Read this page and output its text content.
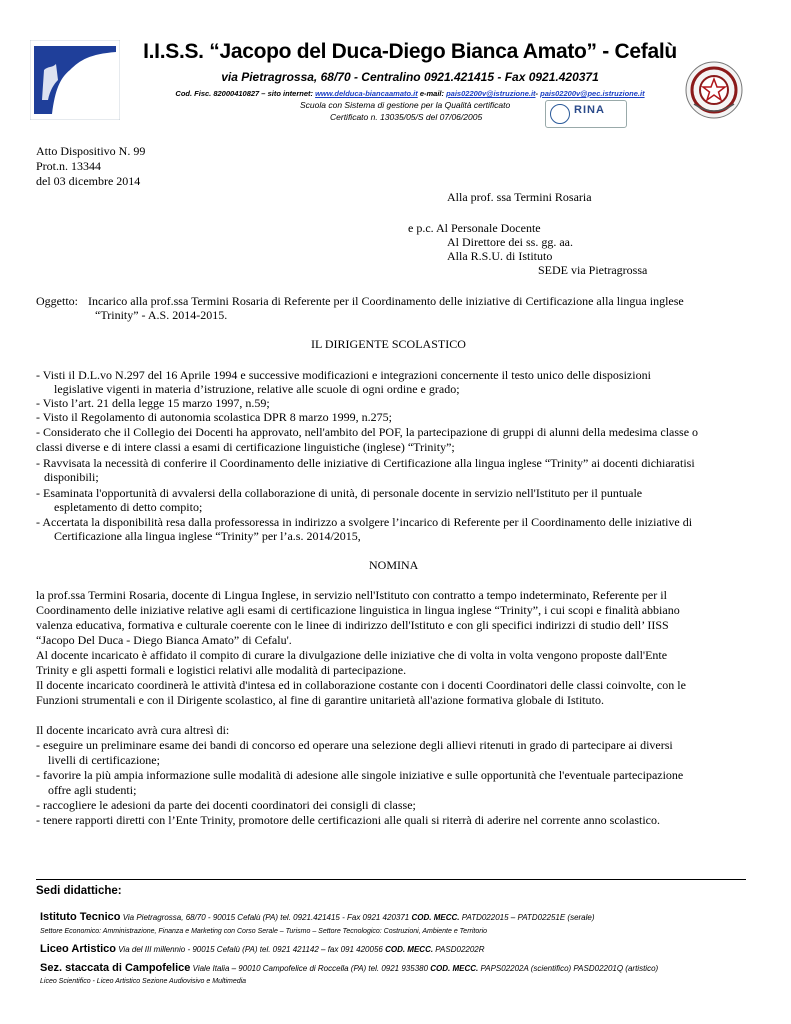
I.I.S.S. “Jacopo del Duca-Diego Bianca Amato” - Cefalù
via Pietragrossa, 68/70 - Centralino 0921.421415 - Fax 0921.420371
Cod. Fisc. 82000410827 – sito internet: www.delduca-biancaamato.it e-mail: pais02200v@istruzione.it- pais02200v@pec.istruzione.it
Scuola con Sistema di gestione per la Qualità certificato
Certificato n. 13035/05/S del 07/06/2005
RINA
Atto Dispositivo N. 99
Prot.n. 13344
del 03 dicembre 2014
Alla prof. ssa Termini Rosaria
e p.c. Al Personale Docente
Al Direttore dei ss. gg. aa.
Alla R.S.U. di Istituto
SEDE via Pietragrossa
Oggetto: Incarico alla prof.ssa Termini Rosaria di Referente per il Coordinamento delle iniziative di Certificazione alla lingua inglese
“Trinity” - A.S. 2014-2015.
IL DIRIGENTE SCOLASTICO
- Visti il D.L.vo N.297 del 16 Aprile 1994 e successive modificazioni e integrazioni concernente il testo unico delle disposizioni
legislative vigenti in materia d’istruzione, relative alle scuole di ogni ordine e grado;
- Visto l’art. 21 della legge 15 marzo 1997, n.59;
- Visto il Regolamento di autonomia scolastica DPR 8 marzo 1999, n.275;
- Considerato che il Collegio dei Docenti ha approvato, nell'ambito del POF, la partecipazione di gruppi di alunni della medesima classe o
classi diverse e di intere classi a esami di certificazione linguistiche (inglese) “Trinity”;
- Ravvisata la necessità di conferire il Coordinamento delle iniziative di Certificazione alla lingua inglese “Trinity” ai docenti dichiaratisi
disponibili;
- Esaminata l'opportunità di avvalersi della collaborazione di unità, di personale docente in servizio nell'Istituto per il puntuale
espletamento di detto compito;
- Accertata la disponibilità resa dalla professoressa in indirizzo a svolgere l’incarico di Referente per il Coordinamento delle iniziative di
Certificazione alla lingua inglese “Trinity” per l’a.s. 2014/2015,
NOMINA
la prof.ssa Termini Rosaria, docente di Lingua Inglese, in servizio nell'Istituto con contratto a tempo indeterminato, Referente per il
Coordinamento delle iniziative relative agli esami di certificazione linguistica in lingua inglese “Trinity”, i cui scopi e finalità abbiano
valenza educativa, formativa e culturale coerente con le linee di indirizzo dell'Istituto e con gli specifici indirizzi di studio dell’ IISS
“Jacopo Del Duca - Diego Bianca Amato” di Cefalu'.
Al docente incaricato è affidato il compito di curare la divulgazione delle iniziative che di volta in volta vengono proposte dall'Ente
Trinity e gli aspetti formali e logistici relativi alle modalità di partecipazione.
Il docente incaricato coordinerà le attività d'intesa ed in collaborazione costante con i docenti Coordinatori delle classi coinvolte, con le
Funzioni strumentali e con il Dirigente scolastico, al fine di garantire unitarietà all'azione formativa globale di Istituto.
Il docente incaricato avrà cura altresì di:
- eseguire un preliminare esame dei bandi di concorso ed operare una selezione degli allievi ritenuti in grado di partecipare ai diversi
livelli di certificazione;
- favorire la più ampia informazione sulle modalità di adesione alle singole iniziative e sulle opportunità che l'eventuale partecipazione
offre agli studenti;
- raccogliere le adesioni da parte dei docenti coordinatori dei consigli di classe;
- tenere rapporti diretti con l’Ente Trinity, promotore delle certificazioni alle quali si riterrà di aderire nel corrente anno scolastico.
Sedi didattiche:
Istituto Tecnico Via Pietragrossa, 68/70 - 90015 Cefalù (PA) tel. 0921.421415 - Fax 0921 420371 COD. MECC. PATD022015 – PATD02251E (serale)
Settore Economico: Amministrazione, Finanza e Marketing con Corso Serale – Turismo – Settore Tecnologico: Costruzioni, Ambiente e Territorio
Liceo Artistico Via del III millennio - 90015 Cefalù (PA) tel. 0921 421142 – fax 091 420056 COD. MECC. PASD02202R
Sez. staccata di Campofelice Viale Italia – 90010 Campofelice di Roccella (PA) tel. 0921 935380 COD. MECC. PAPS02202A (scientifico) PASD02201Q (artistico)
Liceo Scientifico - Liceo Artistico Sezione Audiovisivo e Multimedia
